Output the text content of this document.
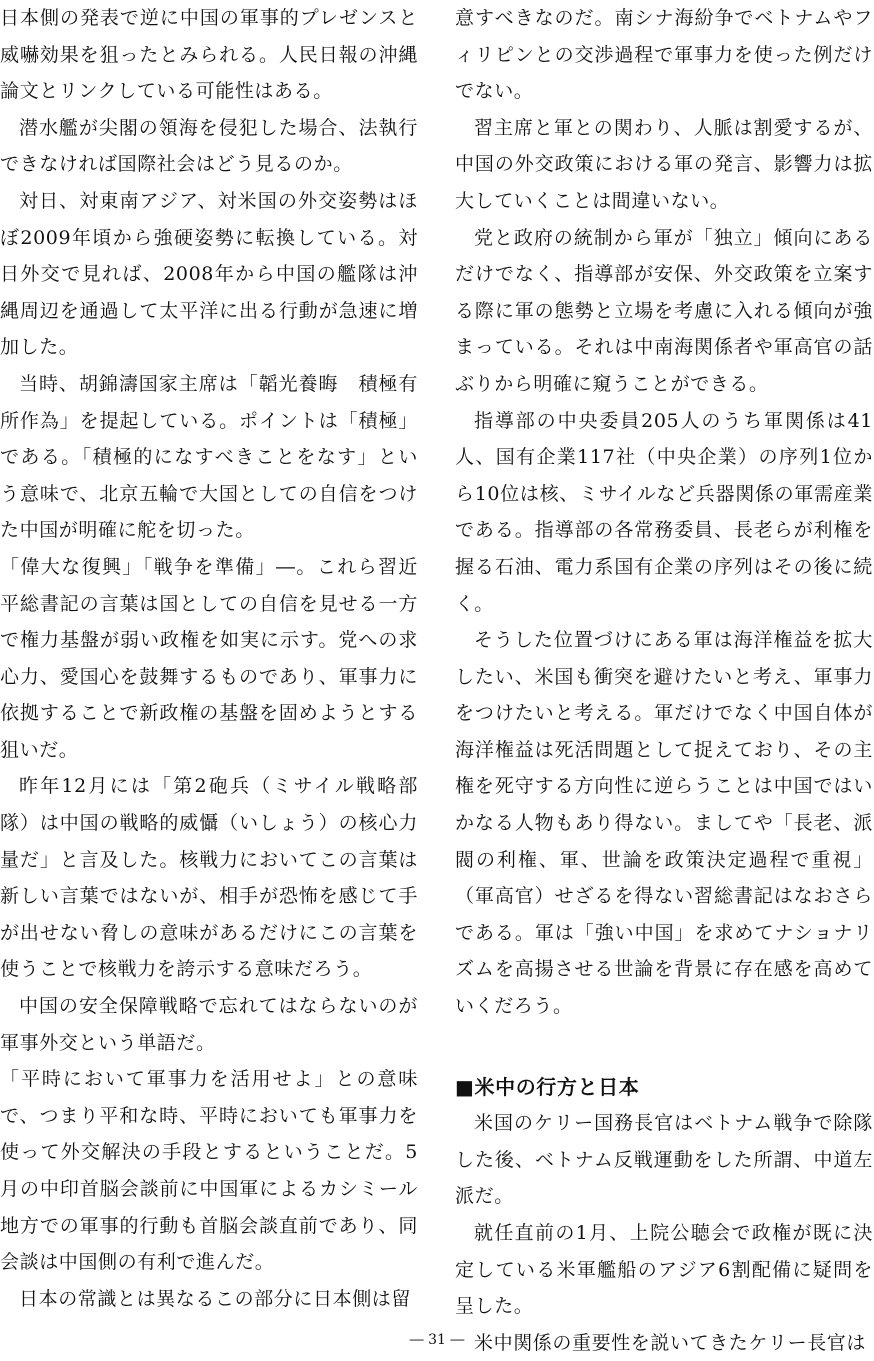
日本側の発表で逆に中国の軍事的プレゼンスと威嚇効果を狙ったとみられる。人民日報の沖縄論文とリンクしている可能性はある。

潜水艦が尖閣の領海を侵犯した場合、法執行できなければ国際社会はどう見るのか。

対日、対東南アジア、対米国の外交姿勢はほぼ2009年頃から強硬姿勢に転換している。対日外交で見れば、2008年から中国の艦隊は沖縄周辺を通過して太平洋に出る行動が急速に増加した。

当時、胡錦濤国家主席は「韜光養晦　積極有所作為」を提起している。ポイントは「積極」である。「積極的になすべきことをなす」という意味で、北京五輪で大国としての自信をつけた中国が明確に舵を切った。

「偉大な復興」「戦争を準備」―。これら習近平総書記の言葉は国としての自信を見せる一方で権力基盤が弱い政権を如実に示す。党への求心力、愛国心を鼓舞するものであり、軍事力に依拠することで新政権の基盤を固めようとする狙いだ。

昨年12月には「第2砲兵（ミサイル戦略部隊）は中国の戦略的威懾（いしょう）の核心力量だ」と言及した。核戦力においてこの言葉は新しい言葉ではないが、相手が恐怖を感じて手が出せない脅しの意味があるだけにこの言葉を使うことで核戦力を誇示する意味だろう。

中国の安全保障戦略で忘れてはならないのが軍事外交という単語だ。

「平時において軍事力を活用せよ」との意味で、つまり平和な時、平時においても軍事力を使って外交解決の手段とするということだ。5月の中印首脳会談前に中国軍によるカシミール地方での軍事的行動も首脳会談直前であり、同会談は中国側の有利で進んだ。

日本の常識とは異なるこの部分に日本側は留

意すべきなのだ。南シナ海紛争でベトナムやフィリピンとの交渉過程で軍事力を使った例だけでない。

習主席と軍との関わり、人脈は割愛するが、中国の外交政策における軍の発言、影響力は拡大していくことは間違いない。

党と政府の統制から軍が「独立」傾向にあるだけでなく、指導部が安保、外交政策を立案する際に軍の態勢と立場を考慮に入れる傾向が強まっている。それは中南海関係者や軍高官の話ぶりから明確に窺うことができる。

指導部の中央委員205人のうち軍関係は41人、国有企業117社（中央企業）の序列1位から10位は核、ミサイルなど兵器関係の軍需産業である。指導部の各常務委員、長老らが利権を握る石油、電力系国有企業の序列はその後に続く。

そうした位置づけにある軍は海洋権益を拡大したい、米国も衝突を避けたいと考え、軍事力をつけたいと考える。軍だけでなく中国自体が海洋権益は死活問題として捉えており、その主権を死守する方向性に逆らうことは中国ではいかなる人物もあり得ない。ましてや「長老、派閥の利権、軍、世論を政策決定過程で重視」（軍高官）せざるを得ない習総書記はなおさらである。軍は「強い中国」を求めてナショナリズムを高揚させる世論を背景に存在感を高めていくだろう。

■米中の行方と日本

米国のケリー国務長官はベトナム戦争で除隊した後、ベトナム反戦運動をした所謂、中道左派だ。

就任直前の1月、上院公聴会で政権が既に決定している米軍艦船のアジア6割配備に疑問を呈した。

米中関係の重要性を説いてきたケリー長官は

― 31 ―
